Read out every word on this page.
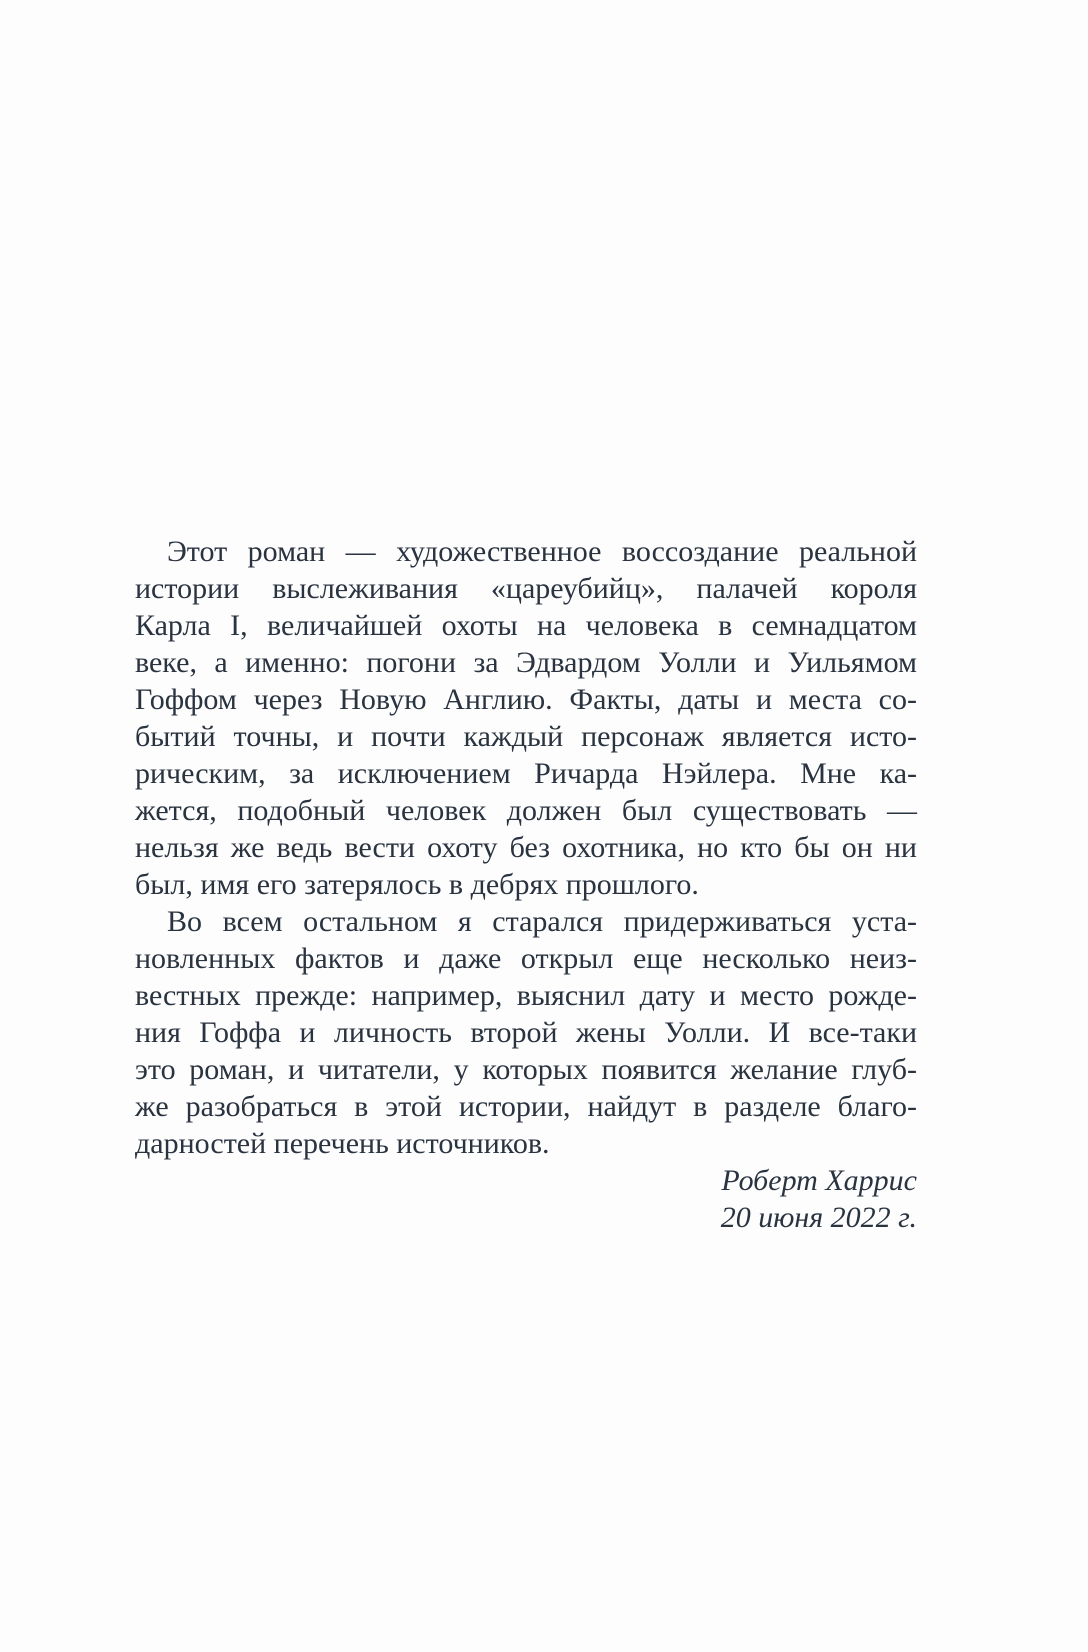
Этот роман — художественное воссоздание реальной
истории выслеживания «цареубийц», палачей короля
Карла I, величайшей охоты на человека в семнадцатом
веке, а именно: погони за Эдвардом Уолли и Уильямом
Гоффом через Новую Англию. Факты, даты и места со-
бытий точны, и почти каждый персонаж является исто-
рическим, за исключением Ричарда Нэйлера. Мне ка-
жется, подобный человек должен был существовать —
нельзя же ведь вести охоту без охотника, но кто бы он ни
был, имя его затерялось в дебрях прошлого.
Во всем остальном я старался придерживаться уста-
новленных фактов и даже открыл еще несколько неиз-
вестных прежде: например, выяснил дату и место рожде-
ния Гоффа и личность второй жены Уолли. И все-таки
это роман, и читатели, у которых появится желание глуб-
же разобраться в этой истории, найдут в разделе благо-
дарностей перечень источников.
Роберт Харрис
20 июня 2022 г.
